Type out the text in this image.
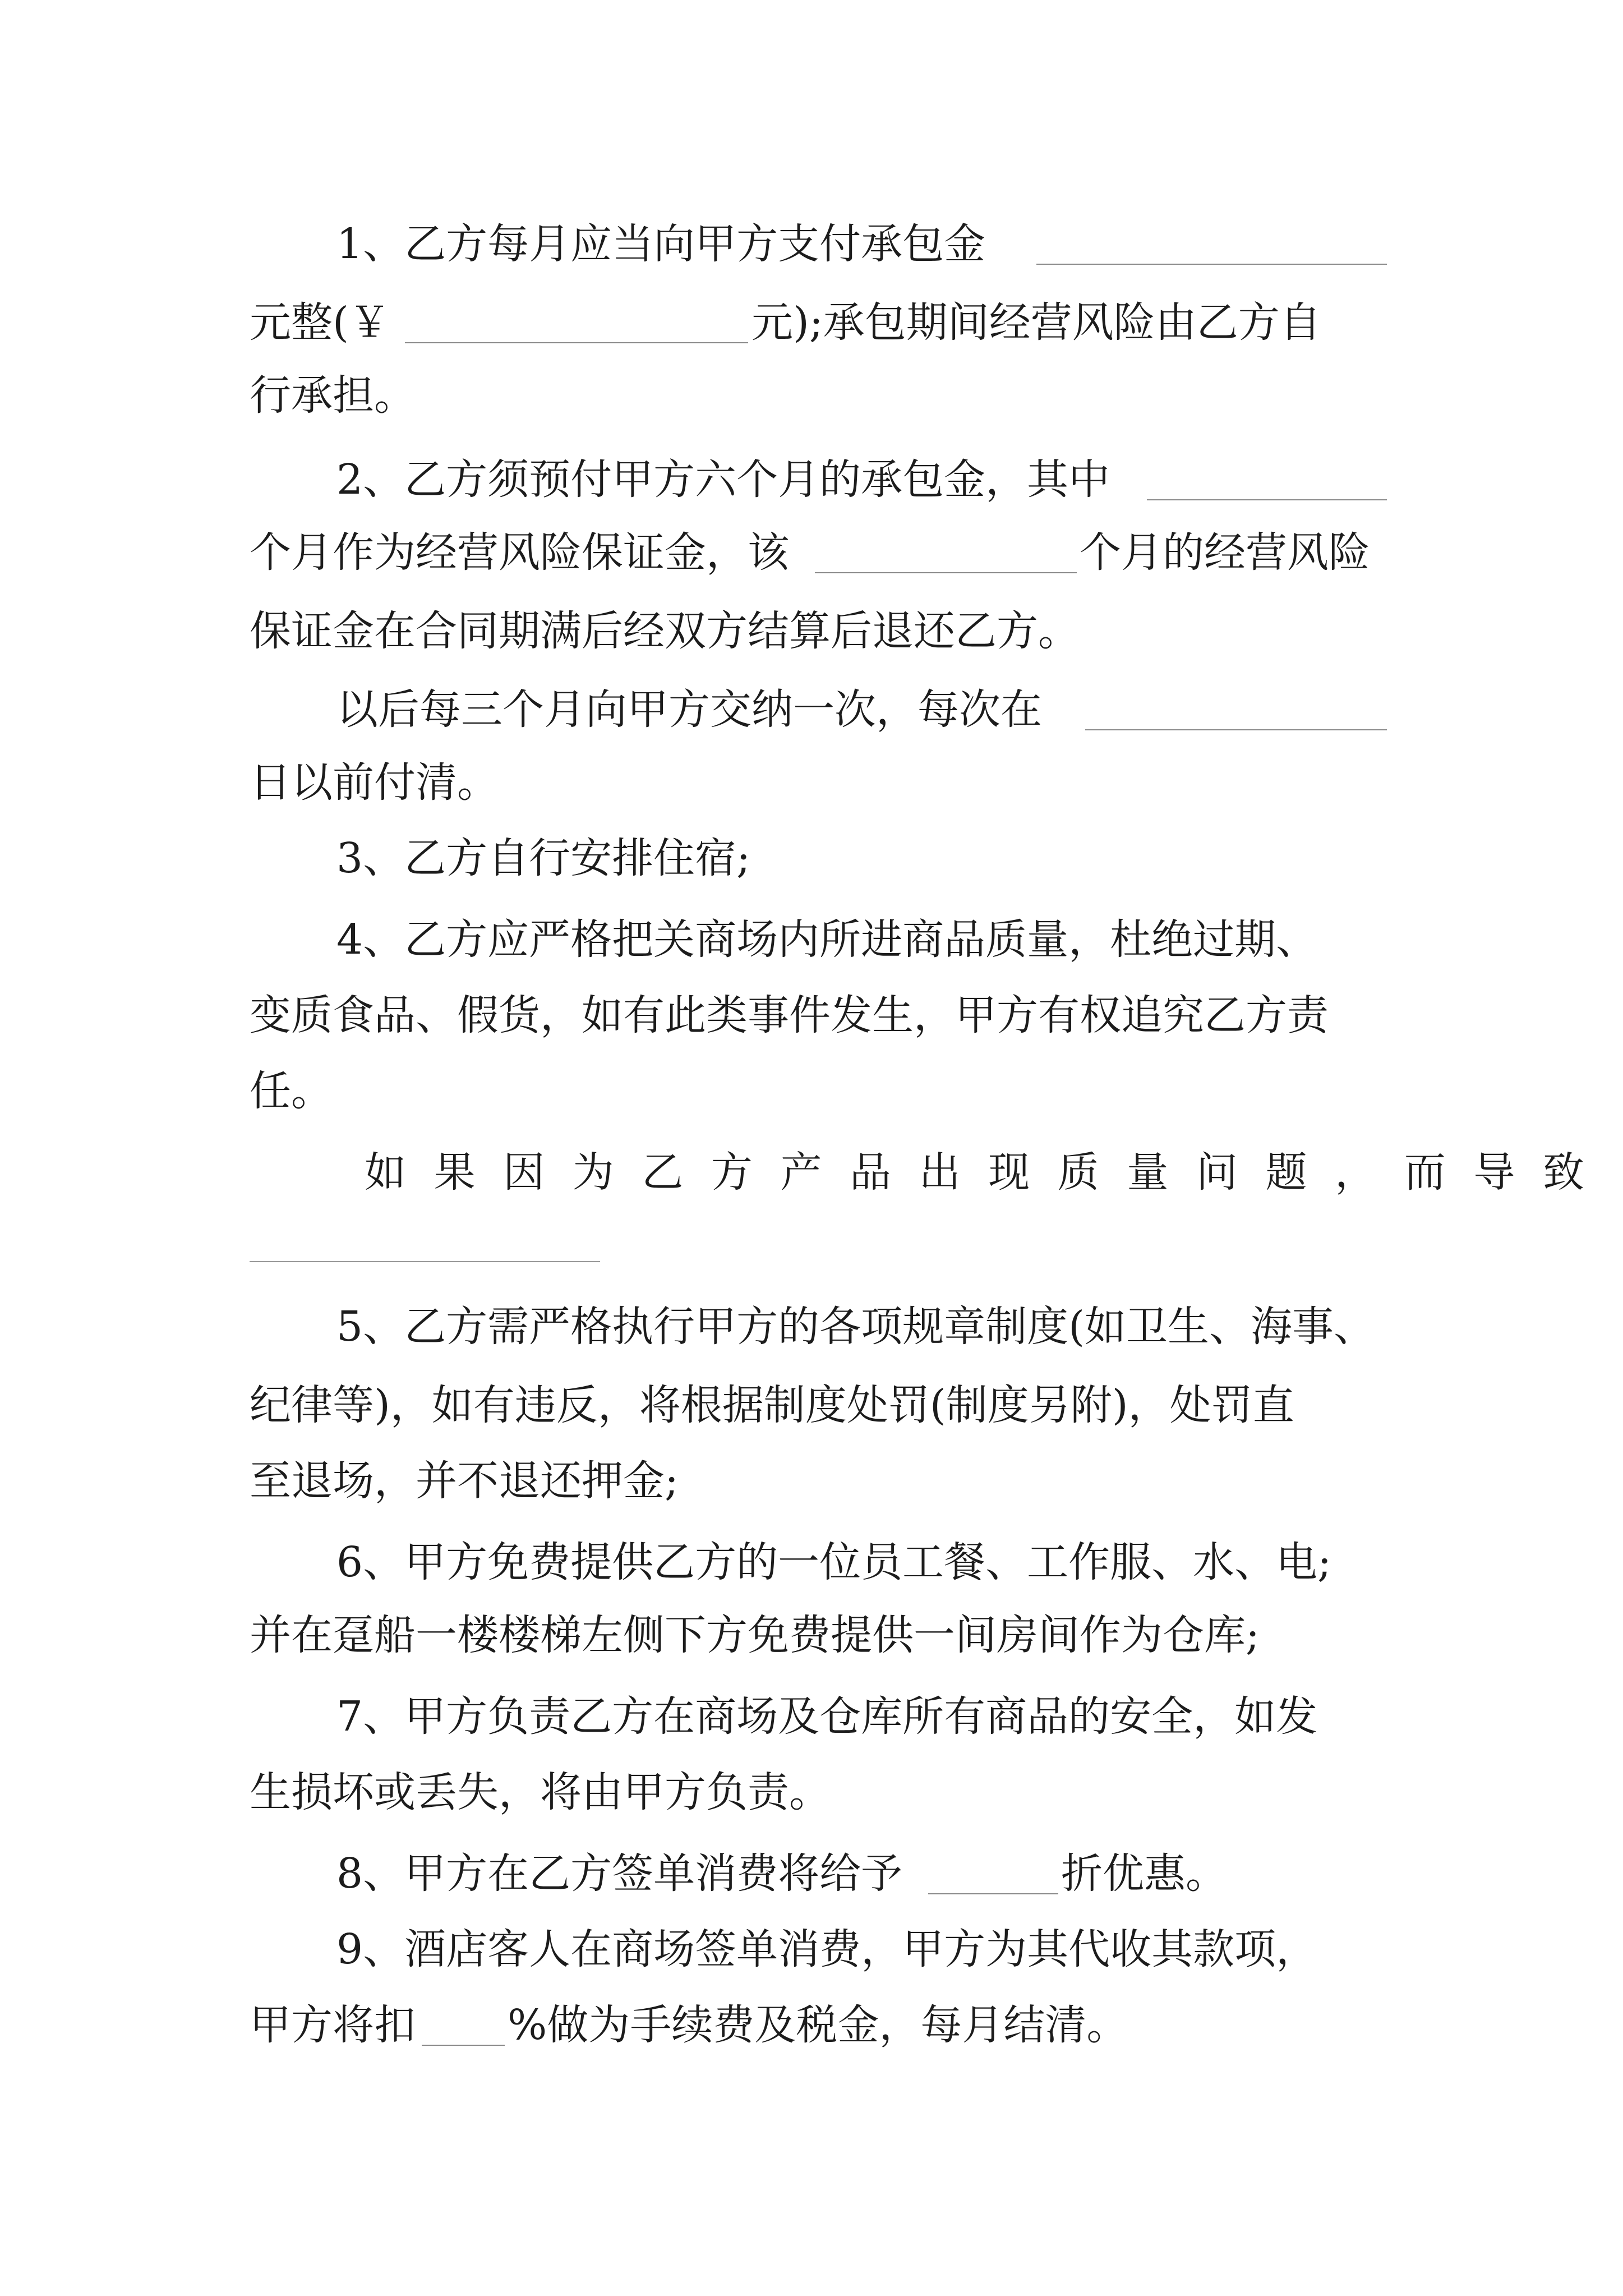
1、乙方每月应当向甲方支付承包金
元整(￥	元);承包期间经营风险由乙方自
行承担。
2、乙方须预付甲方六个月的承包金，其中
个月作为经营风险保证金，该	个月的经营风险
保证金在合同期满后经双方结算后退还乙方。
以后每三个月向甲方交纳一次，每次在
日以前付清。
3、乙方自行安排住宿;
4、乙方应严格把关商场内所进商品质量，杜绝过期、
变质食品、假货，如有此类事件发生，甲方有权追究乙方责
任。
如果因为乙方产品出现质量问题，而导致
5、乙方需严格执行甲方的各项规章制度(如卫生、海事、
纪律等)，如有违反，将根据制度处罚(制度另附)，处罚直
至退场，并不退还押金;
6、甲方免费提供乙方的一位员工餐、工作服、水、电;
并在趸船一楼楼梯左侧下方免费提供一间房间作为仓库;
7、甲方负责乙方在商场及仓库所有商品的安全，如发
生损坏或丢失，将由甲方负责。
8、甲方在乙方签单消费将给予	折优惠。
9、酒店客人在商场签单消费，甲方为其代收其款项，
甲方将扣 %做为手续费及税金，每月结清。
